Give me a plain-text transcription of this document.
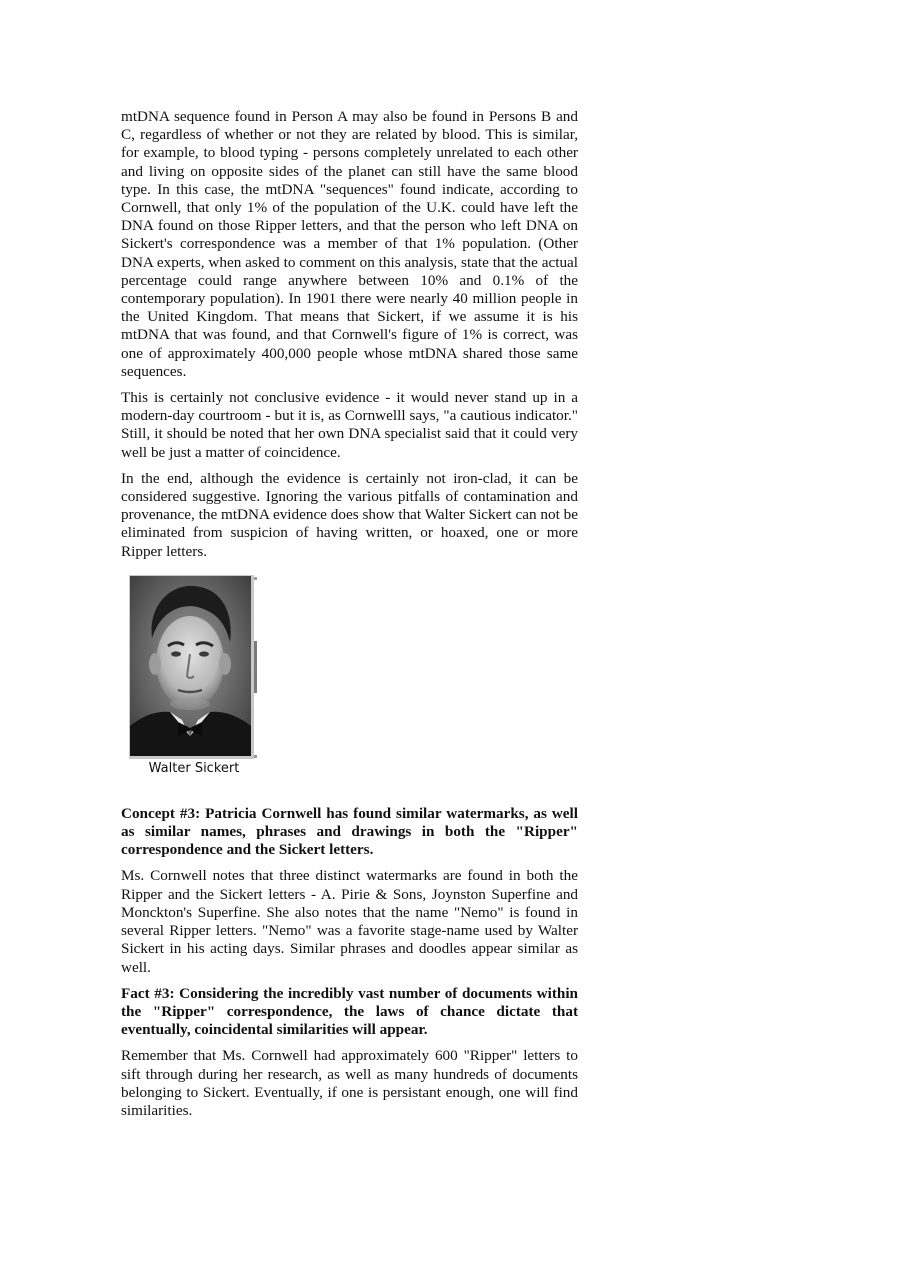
mtDNA sequence found in Person A may also be found in Persons B and C, regardless of whether or not they are related by blood. This is similar, for example, to blood typing - persons completely unrelated to each other and living on opposite sides of the planet can still have the same blood type. In this case, the mtDNA "sequences" found indicate, according to Cornwell, that only 1% of the population of the U.K. could have left the DNA found on those Ripper letters, and that the person who left DNA on Sickert's correspondence was a member of that 1% population. (Other DNA experts, when asked to comment on this analysis, state that the actual percentage could range anywhere between 10% and 0.1% of the contemporary population). In 1901 there were nearly 40 million people in the United Kingdom. That means that Sickert, if we assume it is his mtDNA that was found, and that Cornwell's figure of 1% is correct, was one of approximately 400,000 people whose mtDNA shared those same sequences.

This is certainly not conclusive evidence - it would never stand up in a modern-day courtroom - but it is, as Cornwelll says, "a cautious indicator." Still, it should be noted that her own DNA specialist said that it could very well be just a matter of coincidence.

In the end, although the evidence is certainly not iron-clad, it can be considered suggestive. Ignoring the various pitfalls of contamination and provenance, the mtDNA evidence does show that Walter Sickert can not be eliminated from suspicion of having written, or hoaxed, one or more Ripper letters.

Walter Sickert

Concept #3: Patricia Cornwell has found similar watermarks, as well as similar names, phrases and drawings in both the "Ripper" correspondence and the Sickert letters.

Ms. Cornwell notes that three distinct watermarks are found in both the Ripper and the Sickert letters - A. Pirie & Sons, Joynston Superfine and Monckton's Superfine. She also notes that the name "Nemo" is found in several Ripper letters. "Nemo" was a favorite stage-name used by Walter Sickert in his acting days. Similar phrases and doodles appear similar as well.

Fact #3: Considering the incredibly vast number of documents within the "Ripper" correspondence, the laws of chance dictate that eventually, coincidental similarities will appear.

Remember that Ms. Cornwell had approximately 600 "Ripper" letters to sift through during her research, as well as many hundreds of documents belonging to Sickert. Eventually, if one is persistant enough, one will find similarities.
